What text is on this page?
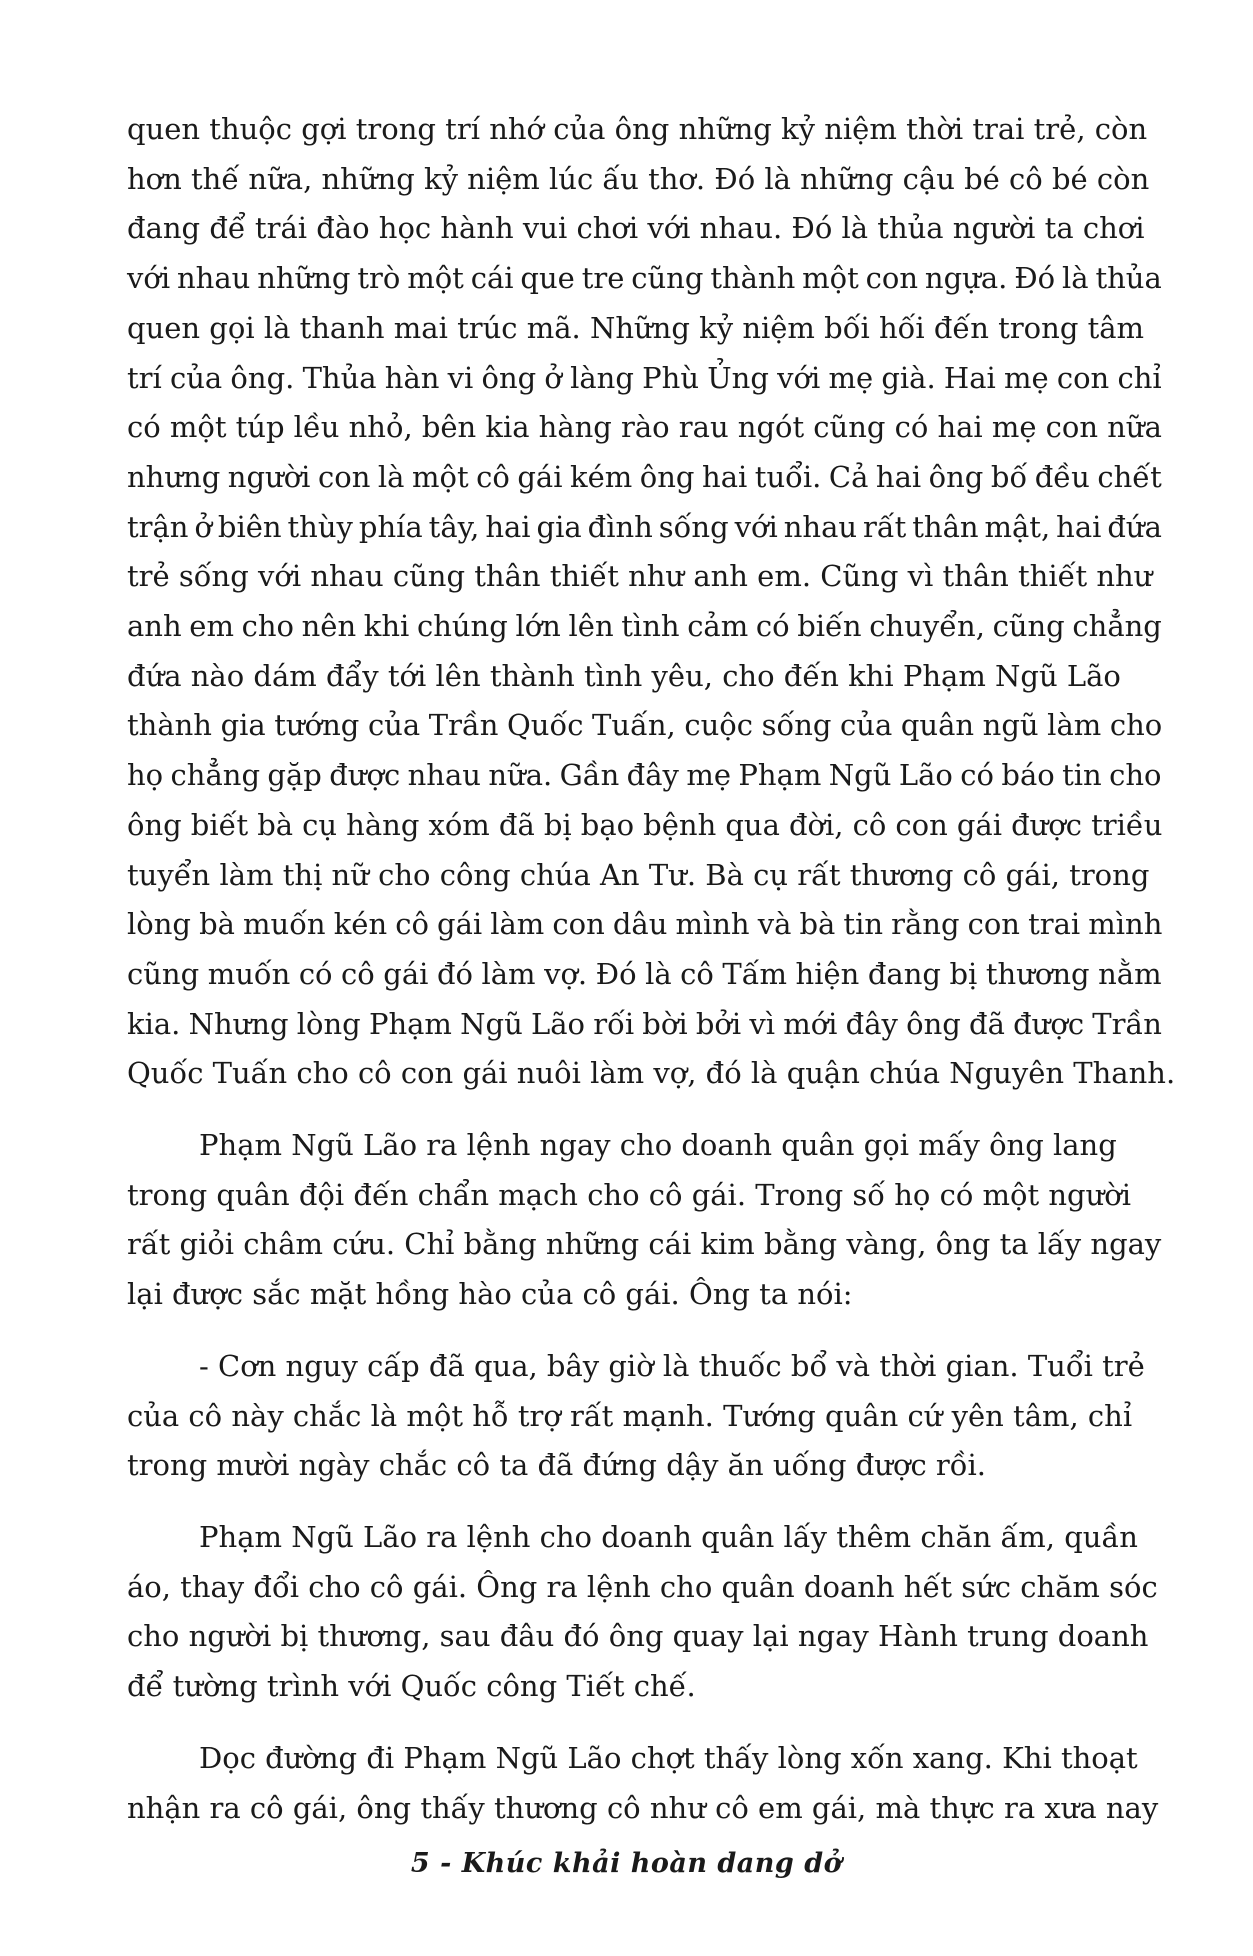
quen thuộc gợi trong trí nhớ của ông những kỷ niệm thời trai trẻ, còn
hơn thế nữa, những kỷ niệm lúc ấu thơ. Đó là những cậu bé cô bé còn
đang để trái đào học hành vui chơi với nhau. Đó là thủa người ta chơi
với nhau những trò một cái que tre cũng thành một con ngựa. Đó là thủa
quen gọi là thanh mai trúc mã. Những kỷ niệm bối hối đến trong tâm
trí của ông. Thủa hàn vi ông ở làng Phù Ủng với mẹ già. Hai mẹ con chỉ
có một túp lều nhỏ, bên kia hàng rào rau ngót cũng có hai mẹ con nữa
nhưng người con là một cô gái kém ông hai tuổi. Cả hai ông bố đều chết
trận ở biên thùy phía tây, hai gia đình sống với nhau rất thân mật, hai đứa
trẻ sống với nhau cũng thân thiết như anh em. Cũng vì thân thiết như
anh em cho nên khi chúng lớn lên tình cảm có biến chuyển, cũng chẳng
đứa nào dám đẩy tới lên thành tình yêu, cho đến khi Phạm Ngũ Lão
thành gia tướng của Trần Quốc Tuấn, cuộc sống của quân ngũ làm cho
họ chẳng gặp được nhau nữa. Gần đây mẹ Phạm Ngũ Lão có báo tin cho
ông biết bà cụ hàng xóm đã bị bạo bệnh qua đời, cô con gái được triều
tuyển làm thị nữ cho công chúa An Tư. Bà cụ rất thương cô gái, trong
lòng bà muốn kén cô gái làm con dâu mình và bà tin rằng con trai mình
cũng muốn có cô gái đó làm vợ. Đó là cô Tấm hiện đang bị thương nằm
kia. Nhưng lòng Phạm Ngũ Lão rối bời bởi vì mới đây ông đã được Trần
Quốc Tuấn cho cô con gái nuôi làm vợ, đó là quận chúa Nguyên Thanh.

Phạm Ngũ Lão ra lệnh ngay cho doanh quân gọi mấy ông lang
trong quân đội đến chẩn mạch cho cô gái. Trong số họ có một người
rất giỏi châm cứu. Chỉ bằng những cái kim bằng vàng, ông ta lấy ngay
lại được sắc mặt hồng hào của cô gái. Ông ta nói:

- Cơn nguy cấp đã qua, bây giờ là thuốc bổ và thời gian. Tuổi trẻ
của cô này chắc là một hỗ trợ rất mạnh. Tướng quân cứ yên tâm, chỉ
trong mười ngày chắc cô ta đã đứng dậy ăn uống được rồi.

Phạm Ngũ Lão ra lệnh cho doanh quân lấy thêm chăn ấm, quần
áo, thay đổi cho cô gái. Ông ra lệnh cho quân doanh hết sức chăm sóc
cho người bị thương, sau đâu đó ông quay lại ngay Hành trung doanh
để tường trình với Quốc công Tiết chế.

Dọc đường đi Phạm Ngũ Lão chợt thấy lòng xốn xang. Khi thoạt
nhận ra cô gái, ông thấy thương cô như cô em gái, mà thực ra xưa nay

5 - Khúc khải hoàn dang dở
